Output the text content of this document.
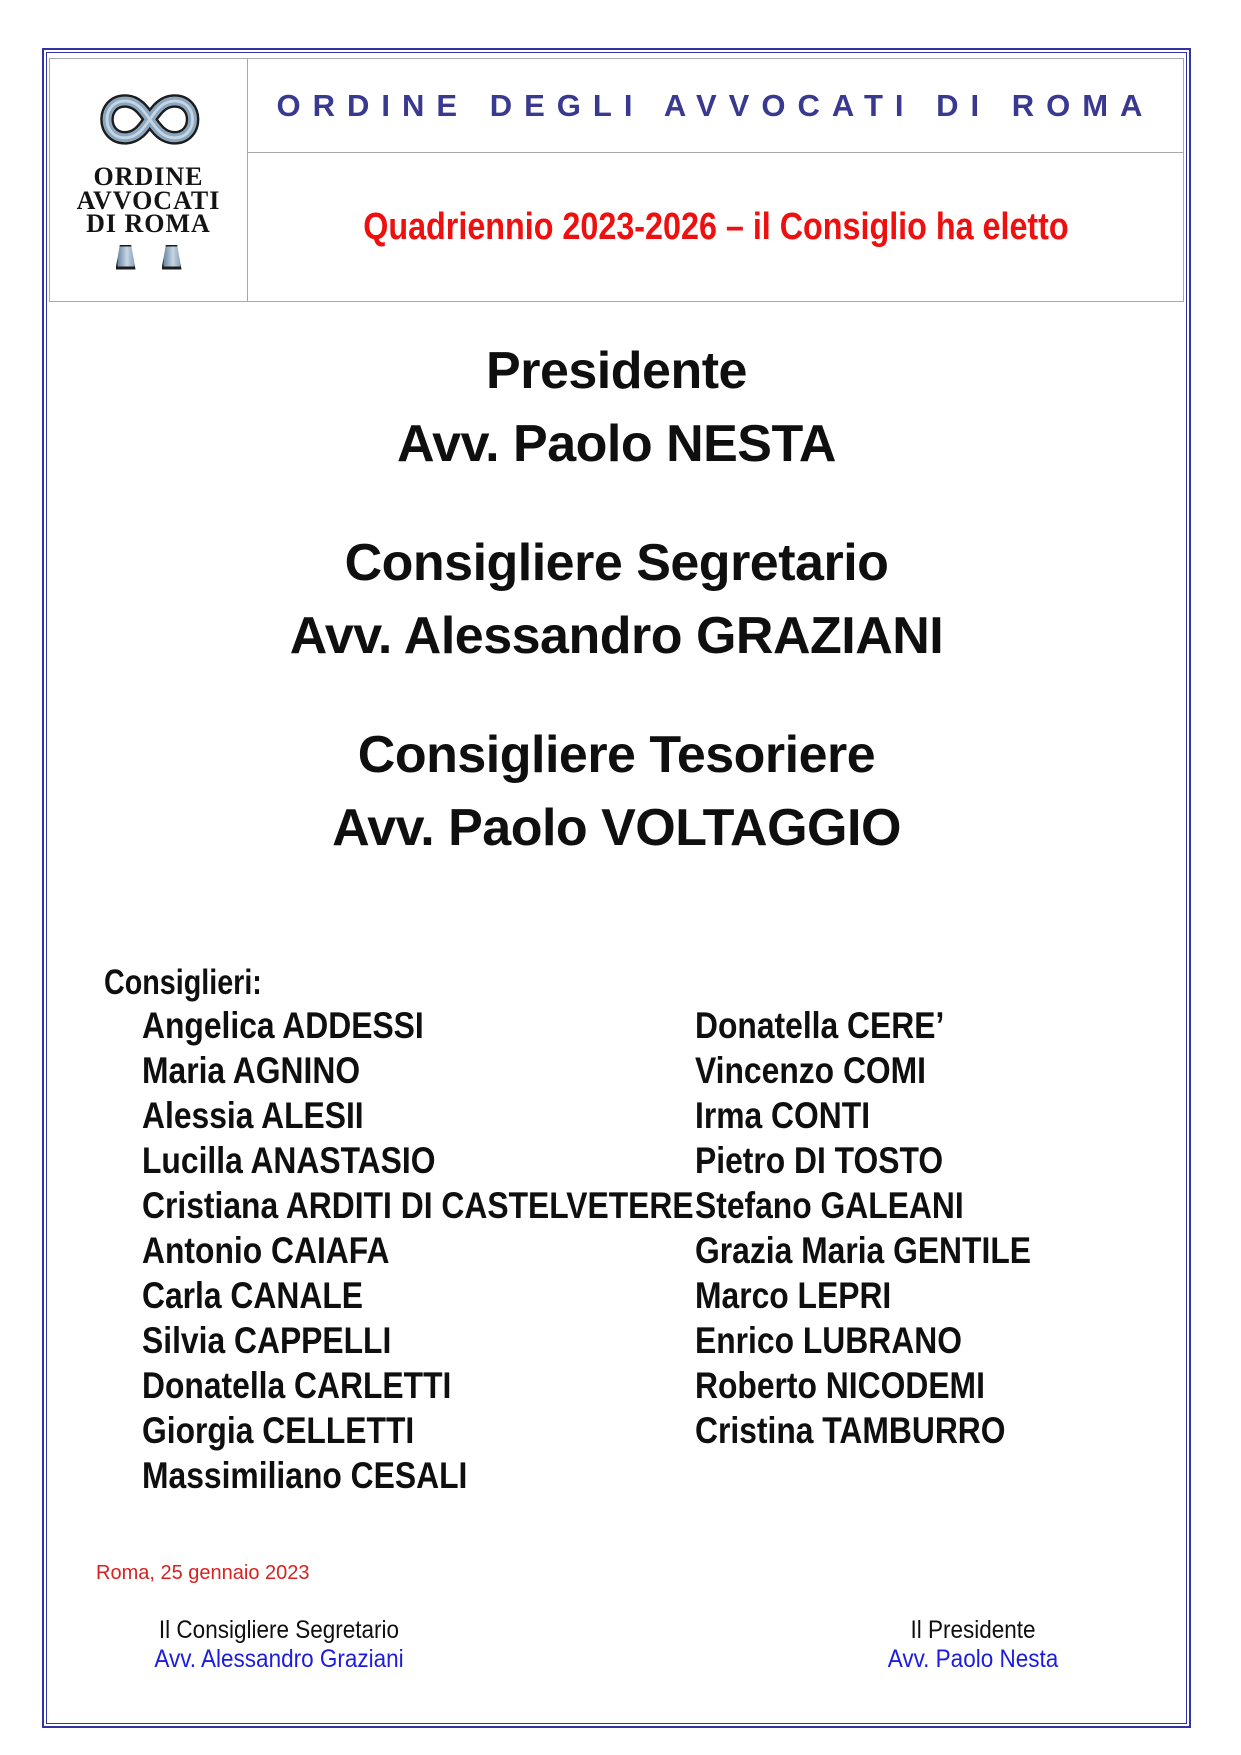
ORDINE
AVVOCATI
DI ROMA
ORDINE DEGLI AVVOCATI DI ROMA
Quadriennio 2023-2026 – il Consiglio ha eletto
Presidente
Avv. Paolo NESTA
Consigliere Segretario
Avv. Alessandro GRAZIANI
Consigliere Tesoriere
Avv. Paolo VOLTAGGIO
Consiglieri:
Angelica ADDESSI
Maria AGNINO
Alessia ALESII
Lucilla ANASTASIO
Cristiana ARDITI DI CASTELVETERE
Antonio CAIAFA
Carla CANALE
Silvia CAPPELLI
Donatella CARLETTI
Giorgia CELLETTI
Massimiliano CESALI
Donatella CERE’
Vincenzo COMI
Irma CONTI
Pietro DI TOSTO
Stefano GALEANI
Grazia Maria GENTILE
Marco LEPRI
Enrico LUBRANO
Roberto NICODEMI
Cristina TAMBURRO
Roma, 25 gennaio 2023
Il Consigliere Segretario
Avv. Alessandro Graziani
Il Presidente
Avv. Paolo Nesta
